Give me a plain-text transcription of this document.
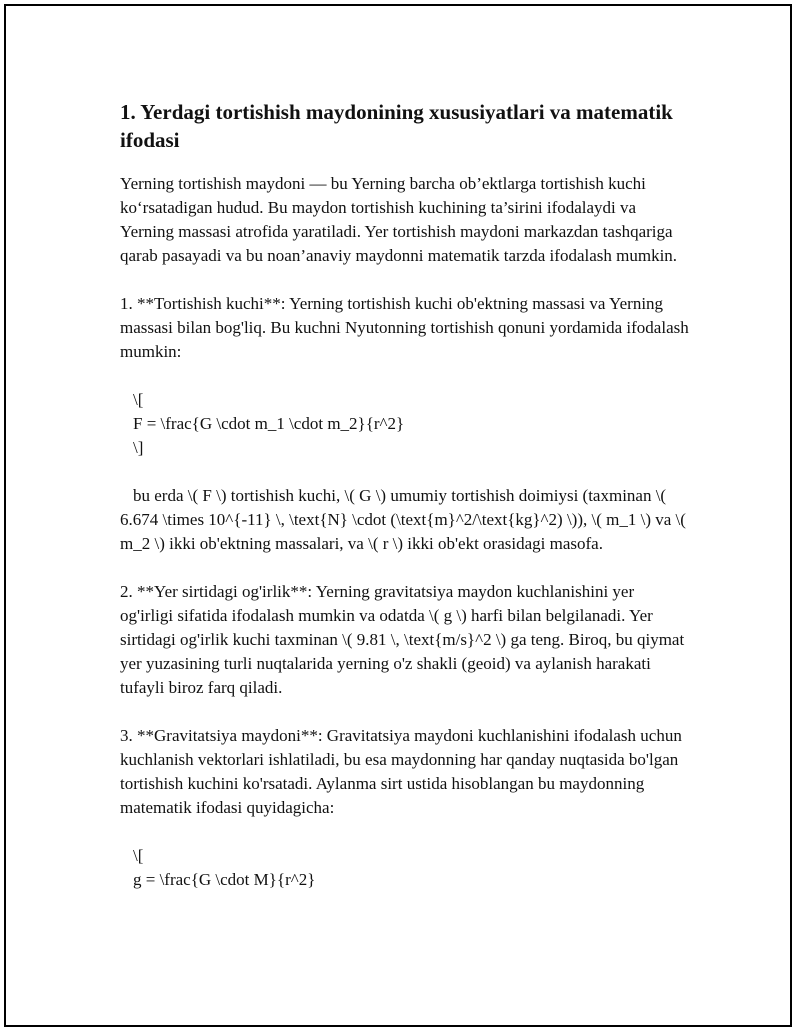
1. Yerdagi tortishish maydonining xususiyatlari va matematik ifodasi

Yerning tortishish maydoni — bu Yerning barcha ob’ektlarga tortishish kuchi ko‘rsatadigan hudud. Bu maydon tortishish kuchining ta’sirini ifodalaydi va Yerning massasi atrofida yaratiladi. Yer tortishish maydoni markazdan tashqariga qarab pasayadi va bu noan’anaviy maydonni matematik tarzda ifodalash mumkin.

1. **Tortishish kuchi**: Yerning tortishish kuchi ob'ektning massasi va Yerning massasi bilan bog'liq. Bu kuchni Nyutonning tortishish qonuni yordamida ifodalash mumkin:

\[

F = \frac{G \cdot m_1 \cdot m_2}{r^2}

\]

bu erda \( F \) tortishish kuchi, \( G \) umumiy tortishish doimiysi (taxminan \( 6.674 \times 10^{-11} \, \text{N} \cdot (\text{m}^2/\text{kg}^2) \)), \( m_1 \) va \( m_2 \) ikki ob'ektning massalari, va \( r \) ikki ob'ekt orasidagi masofa.

2. **Yer sirtidagi og'irlik**: Yerning gravitatsiya maydon kuchlanishini yer og'irligi sifatida ifodalash mumkin va odatda \( g \) harfi bilan belgilanadi. Yer sirtidagi og'irlik kuchi taxminan \( 9.81 \, \text{m/s}^2 \) ga teng. Biroq, bu qiymat yer yuzasining turli nuqtalarida yerning o'z shakli (geoid) va aylanish harakati tufayli biroz farq qiladi.

3. **Gravitatsiya maydoni**: Gravitatsiya maydoni kuchlanishini ifodalash uchun kuchlanish vektorlari ishlatiladi, bu esa maydonning har qanday nuqtasida bo'lgan tortishish kuchini ko'rsatadi. Aylanma sirt ustida hisoblangan bu maydonning matematik ifodasi quyidagicha:

\[

g = \frac{G \cdot M}{r^2}
